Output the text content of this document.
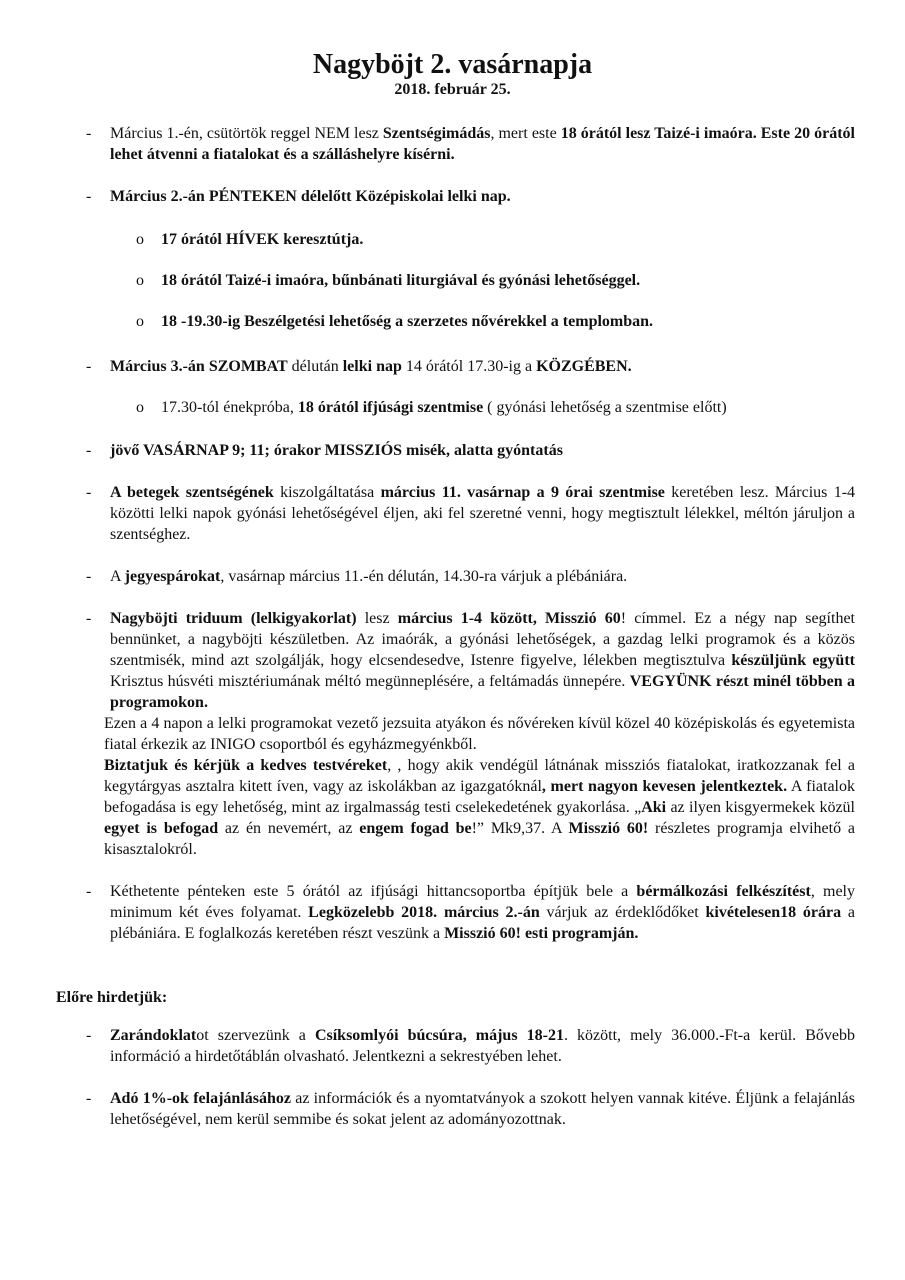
Nagyböjt 2. vasárnapja
2018. február 25.
- Március 1.-én, csütörtök reggel NEM lesz Szentségimádás, mert este 18 órától lesz Taizé-i imaóra. Este 20 órától lehet átvenni a fiatalokat és a szálláshelyre kísérni.
- Március 2.-án PÉNTEKEN délelőtt Középiskolai lelki nap.
o 17 órától HÍVEK keresztútja.
o 18 órától Taizé-i imaóra, bűnbánati liturgiával és gyónási lehetőséggel.
o 18 -19.30-ig Beszélgetési lehetőség a szerzetes nővérekkel a templomban.
- Március 3.-án SZOMBAT délután lelki nap 14 órától 17.30-ig a KÖZGÉBEN.
o 17.30-tól énekpróba, 18 órától ifjúsági szentmise ( gyónási lehetőség a szentmise előtt)
- jövő VASÁRNAP 9; 11; órakor MISSZIÓS misék, alatta gyóntatás
- A betegek szentségének kiszolgáltatása március 11. vasárnap a 9 órai szentmise keretében lesz. Március 1-4 közötti lelki napok gyónási lehetőségével éljen, aki fel szeretné venni, hogy megtisztult lélekkel, méltón járuljon a szentséghez.
- A jegyespárokat, vasárnap március 11.-én délután, 14.30-ra várjuk a plébániára.
- Nagyböjti triduum (lelkigyakorlat) lesz március 1-4 között, Misszió 60! címmel. Ez a négy nap segíthet bennünket, a nagyböjti készületben. Az imaórák, a gyónási lehetőségek, a gazdag lelki programok és a közös szentmisék, mind azt szolgálják, hogy elcsendesedve, Istenre figyelve, lélekben megtisztulva készüljünk együtt Krisztus húsvéti misztériumának méltó megünneplésére, a feltámadás ünnepére. VEGYÜNK részt minél többen a programokon.
Ezen a 4 napon a lelki programokat vezető jezsuita atyákon és nővéreken kívül közel 40 középiskolás és egyetemista fiatal érkezik az INIGO csoportból és egyházmegyénkből.
Biztatjuk és kérjük a kedves testvéreket, , hogy akik vendégül látnának missziós fiatalokat, iratkozzanak fel a kegytárgyas asztalra kitett íven, vagy az iskolákban az igazgatóknál, mert nagyon kevesen jelentkeztek. A fiatalok befogadása is egy lehetőség, mint az irgalmasság testi cselekedetének gyakorlása. „Aki az ilyen kisgyermekek közül egyet is befogad az én nevemért, az engem fogad be!” Mk9,37. A Misszió 60! részletes programja elvihető a kisasztalokról.
- Kéthetente pénteken este 5 órától az ifjúsági hittancsoportba építjük bele a bérmálkozási felkészítést, mely minimum két éves folyamat. Legközelebb 2018. március 2.-án várjuk az érdeklődőket kivételesen18 órára a plébániára. E foglalkozás keretében részt veszünk a Misszió 60! esti programján.
Előre hirdetjük:
- Zarándoklatot szervezünk a Csíksomlyói búcsúra, május 18-21. között, mely 36.000.-Ft-a kerül. Bővebb információ a hirdetőtáblán olvasható. Jelentkezni a sekrestyében lehet.
- Adó 1%-ok felajánlásához az információk és a nyomtatványok a szokott helyen vannak kitéve. Éljünk a felajánlás lehetőségével, nem kerül semmibe és sokat jelent az adományozottnak.
